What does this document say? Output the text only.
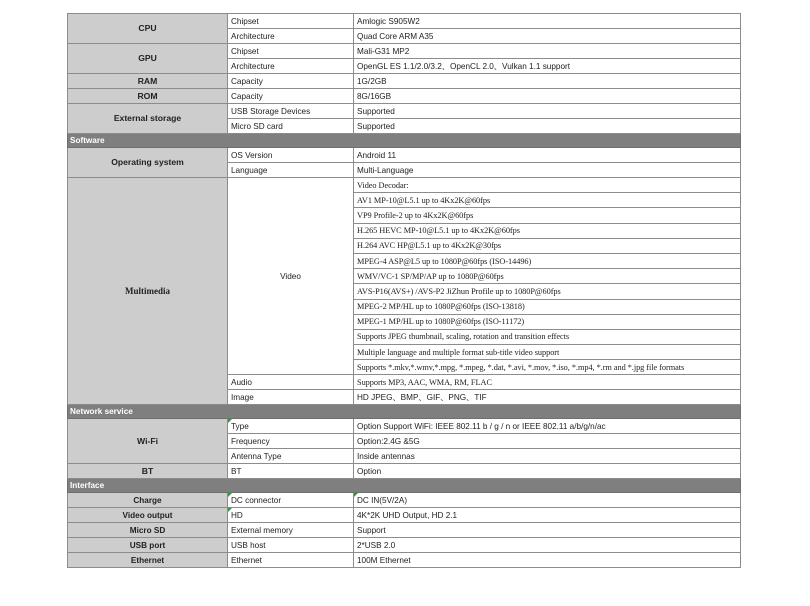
CPU	Chipset	Amlogic S905W2
	Architecture	Quad Core ARM A35
GPU	Chipset	Mali-G31 MP2
	Architecture	OpenGL ES 1.1/2.0/3.2、OpenCL 2.0、Vulkan 1.1 support
RAM	Capacity	1G/2GB
ROM	Capacity	8G/16GB
External storage	USB Storage Devices	Supported
	Micro SD card	Supported
Software		
Operating system	OS Version	Android 11
	Language	Multi-Language
Multimedia	Video	Video Decodar:
		AV1 MP-10@L5.1 up to 4Kx2K@60fps
		VP9 Profile-2 up to 4Kx2K@60fps
		H.265 HEVC MP-10@L5.1 up to 4Kx2K@60fps
		H.264 AVC HP@L5.1 up to 4Kx2K@30fps
		MPEG-4 ASP@L5 up to 1080P@60fps (ISO-14496)
		WMV/VC-1 SP/MP/AP up to 1080P@60fps
		AVS-P16(AVS+) /AVS-P2 JiZhun Profile up to 1080P@60fps
		MPEG-2 MP/HL up to 1080P@60fps (ISO-13818)
		MPEG-1 MP/HL up to 1080P@60fps (ISO-11172)
		Supports JPEG thumbnail, scaling, rotation and transition effects
		Multiple language and multiple format sub-title video support
		Supports *.mkv,*.wmv,*.mpg, *.mpeg, *.dat, *.avi, *.mov, *.iso, *.mp4, *.rm and *.jpg file formats
	Audio	Supports MP3, AAC, WMA, RM, FLAC
	Image	HD JPEG、BMP、GIF、PNG、TIF
Network service		
Wi-Fi	Type	Option Support WiFi: IEEE 802.11 b / g / n or IEEE 802.11 a/b/g/n/ac
	Frequency	Option:2.4G &5G
	Antenna Type	Inside antennas
BT	BT	Option
Interface		
Charge	DC connector	DC IN(5V/2A)
Video output	HD	4K*2K UHD Output, HD 2.1
Micro SD	External memory	Support
USB port	USB host	2*USB 2.0
Ethernet	Ethernet	100M Ethernet
